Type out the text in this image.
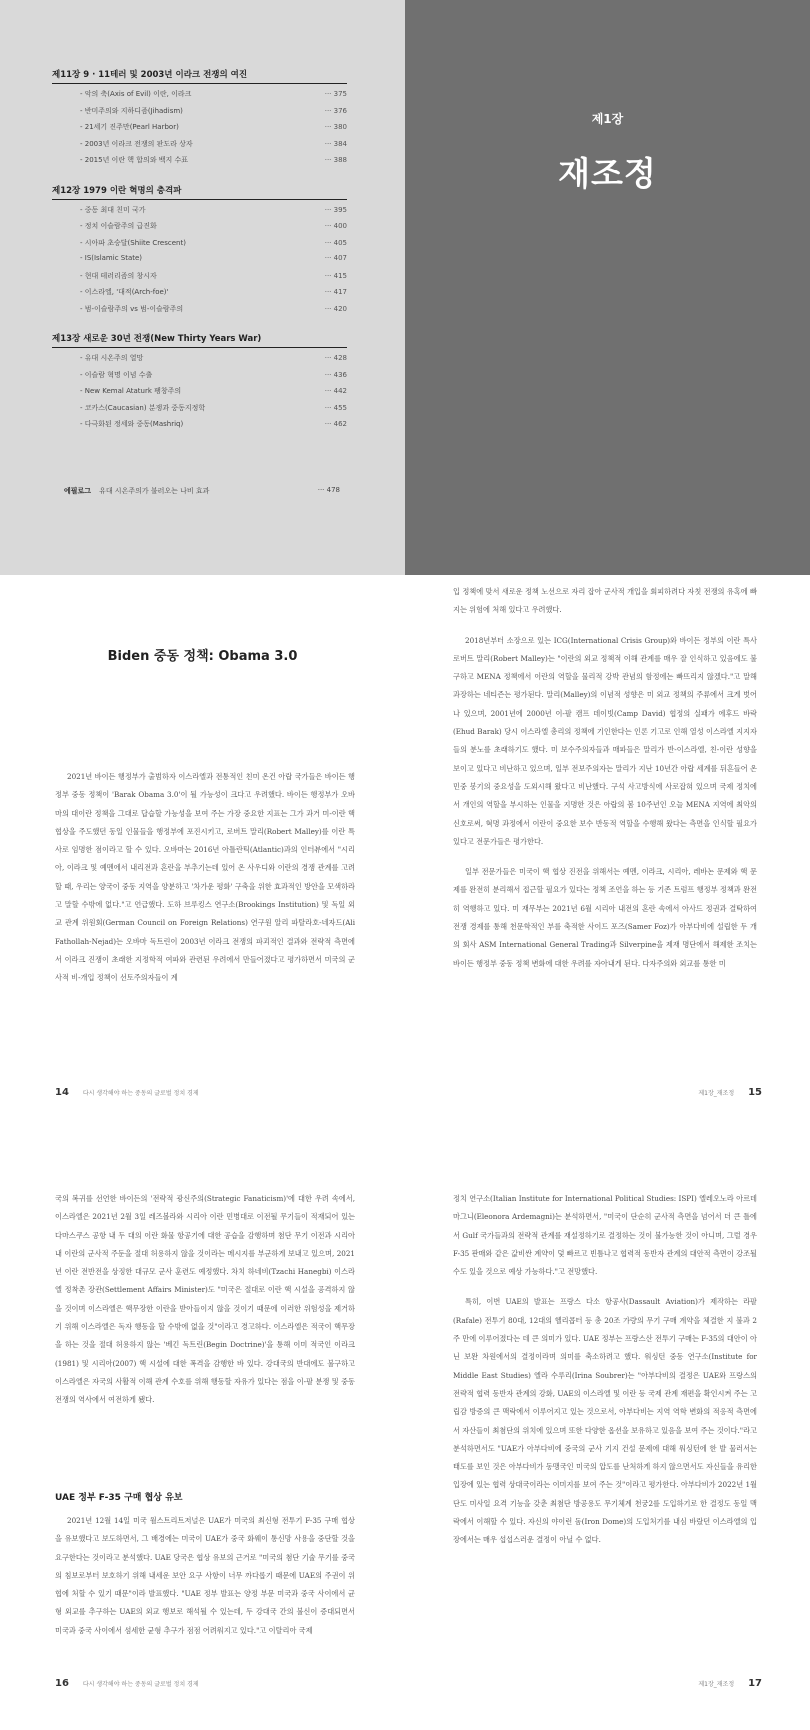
제11장 9 · 11테러 및 2003년 이라크 전쟁의 여진
- 악의 축(Axis of Evil) 이란, 이라크	··· 375
- 반미주의와 지하디즘(Jihadism)	··· 376
- 21세기 진주만(Pearl Harbor)	··· 380
- 2003년 이라크 전쟁의 판도라 상자	··· 384
- 2015년 이란 핵 합의와 백지 수표	··· 388
제12장 1979 이란 혁명의 충격파
- 중동 최대 친미 국가	··· 395
- 정치 이슬람주의 급진화	··· 400
- 시아파 초승달(Shiite Crescent)	··· 405
- IS(Islamic State)	··· 407
- 현대 테러리즘의 창시자	··· 415
- 이스라엘, '대적(Arch-foe)'	··· 417
- 범-이슬람주의 vs 범-이슬람주의	··· 420
제13장 새로운 30년 전쟁(New Thirty Years War)
- 유대 시온주의 열망	··· 428
- 이슬람 혁명 이념 수출	··· 436
- New Kemal Ataturk 팽창주의	··· 442
- 코카스(Caucasian) 분쟁과 중동지정학	··· 455
- 다극화된 정세와 중동(Mashriq)	··· 462
에필로그 유대 시온주의가 불러오는 나비 효과	··· 478
제1장
재조정
Biden 중동 정책: Obama 3.0

2021년 바이든 행정부가 출범하자 이스라엘과 전통적인 친미 온건 아랍 국가들은 바이든 행정부 중동 정책이 'Barak Obama 3.0'이 될 가능성이 크다고 우려했다. 바이든 행정부가 오바마의 대이란 정책을 그대로 답습할 가능성을 보여 주는 가장 중요한 지표는 그가 과거 미-이란 핵 협상을 주도했던 동일 인물들을 행정부에 포진시키고, 로버트 말리(Robert Malley)를 이란 특사로 임명한 점이라고 할 수 있다. 오바마는 2016년 아틀란틱(Atlantic)과의 인터뷰에서 "시리아, 이라크 및 예멘에서 내리전과 혼란을 부추기는데 있어 온 사우디와 이란의 경쟁 관계를 고려할 때, 우리는 양국이 중동 지역을 양분하고 '차가운 평화' 구축을 위한 효과적인 방안을 모색하라고 말할 수밖에 없다."고 언급했다. 도하 브루킹스 연구소(Brookings Institution) 및 독일 외교 관계 위원회(German Council on Foreign Relations) 연구원 알리 파탈라호-네자드(Ali Fathollah-Nejad)는 오바마 독트린이 2003년 이라크 전쟁의 파괴적인 결과와 전략적 측면에서 이라크 진쟁이 초래한 지정학적 여파와 관련된 우려에서 만들어졌다고 평가하면서 미국의 군사적 비-개입 정책이 선토주의자들이 계

14 다시 생각해야 하는 중동의 글로벌 정치 경제

입 정책에 맞서 새로운 정책 노선으로 자리 잡아 군사적 개입을 회피하려다 자칫 전쟁의 유혹에 빠지는 위험에 처해 있다고 우려했다.

2018년부터 소장으로 있는 ICG(International Crisis Group)와 바이든 정부의 이란 특사 로버트 말리(Robert Malley)는 "이란의 외교 정책적 이해 관계를 매우 잘 인식하고 있음에도 불구하고 MENA 정책에서 이란의 역할을 물리적 강박 관념의 함정에는 빠뜨리지 않겠다."고 말해 과장하는 네티즌는 평가된다. 말리(Malley)의 이념적 성향은 미 외교 정책의 주류에서 크게 벗어나 있으며, 2001년에 2000년 이-팔 캠프 데이빗(Camp David) 협정의 실패가 에후드 바락(Ehud Barak) 당시 이스라엘 총리의 정책에 기인한다는 인론 기고로 인해 열성 이스라엘 지지자들의 분노를 초래하기도 했다. 미 보수주의자들과 매파들은 말리가 반-이스라엘, 친-이란 성향을 보이고 있다고 비난하고 있으며, 일부 전보주의자는 말리가 지난 10년간 아랍 세계를 뒤흔들어 온 민중 봉기의 중요성을 도외시해 왔다고 비난했다. 구석 사고방식에 사로잡혀 있으며 국제 정치에서 개인의 역할을 부시하는 인물을 지명한 것은 아랍의 봄 10주년인 오늘 MENA 지역에 최악의 신호로써, 혁명 과정에서 이란이 중요한 보수 반동적 역할을 수행해 왔다는 측면을 인식할 필요가 있다고 전문가들은 평가한다.

일부 전문가들은 미국이 핵 협상 진전을 위해서는 예멘, 이라크, 시리아, 레바논 문제와 핵 문제를 완전히 분리해서 접근할 필요가 있다는 정책 조언을 하는 등 기존 트럼프 행정부 정책과 완전히 역행하고 있다. 미 재무부는 2021년 6월 시리아 내전의 혼란 속에서 아사드 정권과 결탁하여 전쟁 경제를 통해 천문학적인 부를 축적한 사이드 포즈(Samer Foz)가 아부다비에 설립한 두 개의 회사 ASM International General Trading과 Silverpine을 제재 명단에서 해제한 조치는 바이든 행정부 중동 정책 변화에 대한 우려를 자아내게 된다. 다자주의와 외교를 통한 미

제1장_재조정 15

국의 복귀를 선언한 바이든의 '전략적 광신주의(Strategic Fanaticism)'에 대한 우려 속에서, 이스라엘은 2021년 2월 3일 레즈볼라와 시리아 이란 민병대로 이전될 무기들이 적재되어 있는 다마스쿠스 공항 내 두 대의 이란 화물 항공기에 대한 공습을 감행하며 첨단 무기 이전과 시리아 내 이란의 군사적 주둔을 절대 허용하지 않을 것이라는 메시지를 부군하게 보내고 있으며, 2021년 이란 전반전을 상징한 대규모 군사 훈련도 예정했다. 차치 하네비(Tzachi Hanegbi) 이스라엘 정착촌 장관(Settlement Affairs Minister)도 "미국은 절대로 이란 핵 시설을 공격하지 않을 것이며 이스라엘은 핵무장한 이란을 받아들이지 않을 것이기 때문에 이러한 위험성을 제거하기 위해 이스라엘은 독자 행동을 할 수밖에 없을 것"이라고 경고하다. 이스라엘은 적국이 핵무장을 하는 것을 절대 허용하지 않는 '베긴 독트린(Begin Doctrine)'을 통해 이미 적국인 이라크(1981) 및 시리아(2007) 핵 시설에 대한 폭격을 감행한 바 있다. 강대국의 반대에도 불구하고 이스라엘은 자국의 사활적 이해 관계 수호를 위해 행동할 자유가 있다는 점을 이-팔 분쟁 및 중동 전쟁의 역사에서 여전하게 됐다.

UAE 정부 F-35 구매 협상 유보

2021년 12월 14일 미국 월스트리트저널은 UAE가 미국의 최신형 전투기 F-35 구매 협상을 유보했다고 보도하면서, 그 배경에는 미국이 UAE가 중국 화웨이 통신망 사용을 중단할 것을 요구한다는 것이라고 분석했다. UAE 당국은 협상 유보의 근거로 "미국의 첨단 기술 무기를 중국의 침보로부터 보호하기 위해 내세운 보안 요구 사항이 너무 까다롭기 때문에 UAE의 주권이 위협에 처할 수 있기 때문"이라 발표했다. "UAE 정부 발표는 양정 부문 미국과 중국 사이에서 균형 외교를 추구하는 UAE의 외교 행보로 해석될 수 있는데, 두 강대국 간의 불신이 증대되면서 미국과 중국 사이에서 섬세한 균형 추구가 점점 어려워지고 있다."고 이탈리아 국제

16 다시 생각해야 하는 중동의 글로벌 정치 경제

정치 연구소(Italian Institute for International Political Studies: ISPI) 엘레오노라 아르데마그니(Eleonora Ardemagni)는 분석하면서, "미국이 단순히 군사적 측면을 넘어서 더 큰 틀에서 Gulf 국가들과의 전략적 관계를 재설정하기로 결정하는 것이 불가능한 것이 아니며, 그럴 경우 F-35 판매와 같은 값비싼 계약이 덫 빠르고 빈틈나고 협력적 동반자 관계의 대안적 측면이 강조될 수도 있을 것으로 예상 가능하다."고 전망했다.

특히, 이번 UAE의 발표는 프랑스 다소 항공사(Dassault Aviation)가 제작하는 라팔(Rafale) 전투기 80대, 12대의 헬리콥터 등 총 20조 가량의 무기 구매 계약을 체결한 지 불과 2주 만에 이루어졌다는 데 큰 의미가 있다. UAE 정부는 프랑스산 전투기 구매는 F-35의 대안이 아닌 보완 차원에서의 결정이라며 의미를 축소하려고 했다. 워싱턴 중동 연구소(Institute for Middle East Studies) 엘라 수루리(Irina Soubrer)는 "아부다비의 결정은 UAE와 프랑스의 전략적 협력 동반자 관계의 강화, UAE의 이스라엘 및 이란 등 국제 관계 재편을 확인시켜 주는 고립감 방증의 큰 맥락에서 이루어지고 있는 것으로서, 아부다비는 지역 역학 변화의 적응적 측면에서 자산들이 최첨단의 위치에 있으며 또한 다양한 옵션을 보유하고 있음을 보여 주는 것이다."라고 분석하면서도 "UAE가 아부다비에 중국의 군사 기지 건설 문제에 대해 워싱턴에 한 발 물러서는 태도를 보인 것은 아부다비가 동맹국인 미국의 압도를 난처하게 하지 않으면서도 자신들을 유리한 입장에 있는 협력 상대국이라는 이미지를 보여 주는 것"이라고 평가한다. 아부다비가 2022년 1월 단도 미사일 요격 기능을 갖춘 최첨단 방공용도 무기체계 천궁2를 도입하기로 한 결정도 동일 맥락에서 이해할 수 있다. 자신의 야이런 돔(Iron Dome)의 도입처기를 내심 바랐던 이스라엘의 입장에서는 매우 섭섭스러운 결정이 아닐 수 없다.

제1장_재조정 17
